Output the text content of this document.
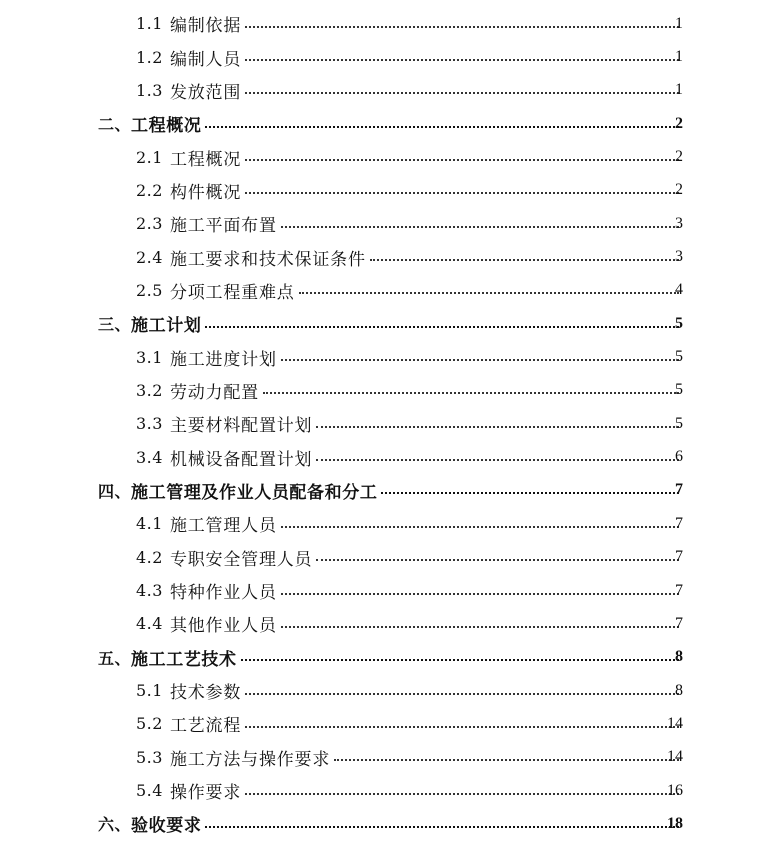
1.1 编制依据	1
1.2 编制人员	1
1.3 发放范围	1
二、 工程概况	2
2.1 工程概况	2
2.2 构件概况	2
2.3 施工平面布置	3
2.4 施工要求和技术保证条件	3
2.5 分项工程重难点	4
三、 施工计划	5
3.1 施工进度计划	5
3.2 劳动力配置	5
3.3 主要材料配置计划	5
3.4 机械设备配置计划	6
四、 施工管理及作业人员配备和分工	7
4.1 施工管理人员	7
4.2 专职安全管理人员	7
4.3 特种作业人员	7
4.4 其他作业人员	7
五、 施工工艺技术	8
5.1 技术参数	8
5.2 工艺流程	14
5.3 施工方法与操作要求	14
5.4 操作要求	16
六、 验收要求	18
